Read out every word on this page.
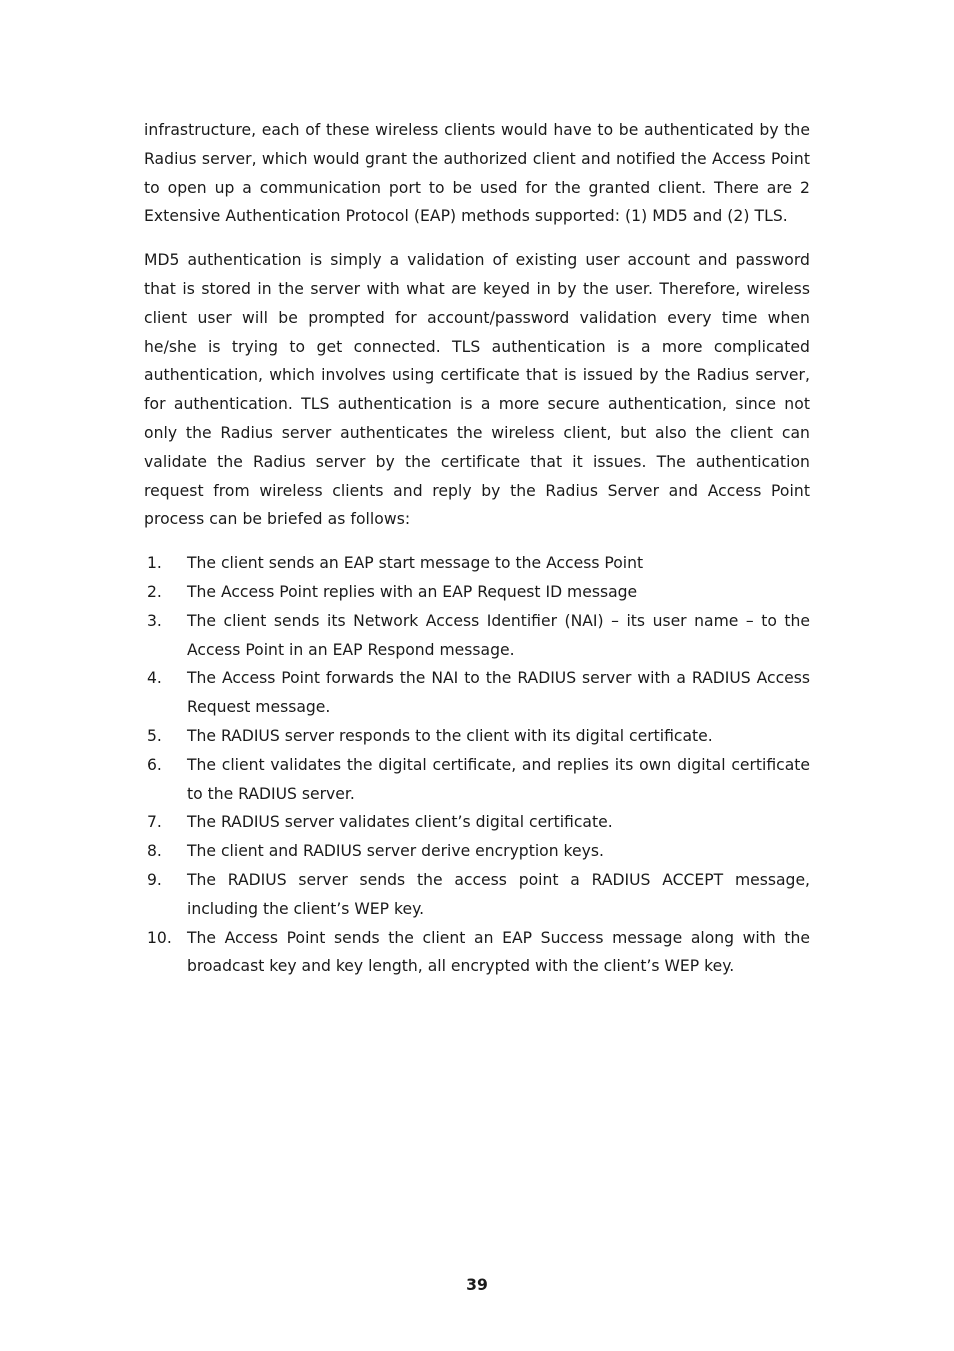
infrastructure, each of these wireless clients would have to be authenticated by the Radius server, which would grant the authorized client and notified the Access Point to open up a communication port to be used for the granted client. There are 2 Extensive Authentication Protocol (EAP) methods supported: (1) MD5 and (2) TLS.

MD5 authentication is simply a validation of existing user account and password that is stored in the server with what are keyed in by the user. Therefore, wireless client user will be prompted for account/password validation every time when he/she is trying to get connected. TLS authentication is a more complicated authentication, which involves using certificate that is issued by the Radius server, for authentication. TLS authentication is a more secure authentication, since not only the Radius server authenticates the wireless client, but also the client can validate the Radius server by the certificate that it issues. The authentication request from wireless clients and reply by the Radius Server and Access Point process can be briefed as follows:

1. The client sends an EAP start message to the Access Point
2. The Access Point replies with an EAP Request ID message
3. The client sends its Network Access Identifier (NAI) – its user name – to the Access Point in an EAP Respond message.
4. The Access Point forwards the NAI to the RADIUS server with a RADIUS Access Request message.
5. The RADIUS server responds to the client with its digital certificate.
6. The client validates the digital certificate, and replies its own digital certificate to the RADIUS server.
7. The RADIUS server validates client’s digital certificate.
8. The client and RADIUS server derive encryption keys.
9. The RADIUS server sends the access point a RADIUS ACCEPT message, including the client’s WEP key.
10. The Access Point sends the client an EAP Success message along with the broadcast key and key length, all encrypted with the client’s WEP key.
39
